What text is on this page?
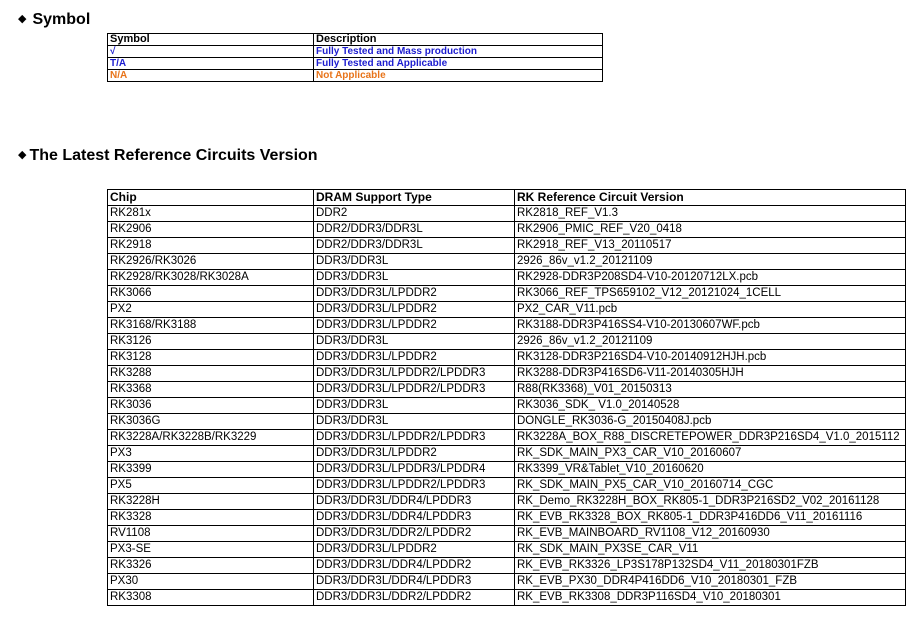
◆ Symbol
Symbol	Description
√	Fully Tested and Mass production
T/A	Fully Tested and Applicable
N/A	Not Applicable
◆ The Latest Reference Circuits Version
Chip	DRAM Support Type	RK Reference Circuit Version
RK281x	DDR2	RK2818_REF_V1.3
RK2906	DDR2/DDR3/DDR3L	RK2906_PMIC_REF_V20_0418
RK2918	DDR2/DDR3/DDR3L	RK2918_REF_V13_20110517
RK2926/RK3026	DDR3/DDR3L	2926_86v_v1.2_20121109
RK2928/RK3028/RK3028A	DDR3/DDR3L	RK2928-DDR3P208SD4-V10-20120712LX.pcb
RK3066	DDR3/DDR3L/LPDDR2	RK3066_REF_TPS659102_V12_20121024_1CELL
PX2	DDR3/DDR3L/LPDDR2	PX2_CAR_V11.pcb
RK3168/RK3188	DDR3/DDR3L/LPDDR2	RK3188-DDR3P416SS4-V10-20130607WF.pcb
RK3126	DDR3/DDR3L	2926_86v_v1.2_20121109
RK3128	DDR3/DDR3L/LPDDR2	RK3128-DDR3P216SD4-V10-20140912HJH.pcb
RK3288	DDR3/DDR3L/LPDDR2/LPDDR3	RK3288-DDR3P416SD6-V11-20140305HJH
RK3368	DDR3/DDR3L/LPDDR2/LPDDR3	R88(RK3368)_V01_20150313
RK3036	DDR3/DDR3L	RK3036_SDK_ V1.0_20140528
RK3036G	DDR3/DDR3L	DONGLE_RK3036-G_20150408J.pcb
RK3228A/RK3228B/RK3229	DDR3/DDR3L/LPDDR2/LPDDR3	RK3228A_BOX_R88_DISCRETEPOWER_DDR3P216SD4_V1.0_2015112
PX3	DDR3/DDR3L/LPDDR2	RK_SDK_MAIN_PX3_CAR_V10_20160607
RK3399	DDR3/DDR3L/LPDDR3/LPDDR4	RK3399_VR&Tablet_V10_20160620
PX5	DDR3/DDR3L/LPDDR2/LPDDR3	RK_SDK_MAIN_PX5_CAR_V10_20160714_CGC
RK3228H	DDR3/DDR3L/DDR4/LPDDR3	RK_Demo_RK3228H_BOX_RK805-1_DDR3P216SD2_V02_20161128
RK3328	DDR3/DDR3L/DDR4/LPDDR3	RK_EVB_RK3328_BOX_RK805-1_DDR3P416DD6_V11_20161116
RV1108	DDR3/DDR3L/DDR2/LPDDR2	RK_EVB_MAINBOARD_RV1108_V12_20160930
PX3-SE	DDR3/DDR3L/LPDDR2	RK_SDK_MAIN_PX3SE_CAR_V11
RK3326	DDR3/DDR3L/DDR4/LPDDR2	RK_EVB_RK3326_LP3S178P132SD4_V11_20180301FZB
PX30	DDR3/DDR3L/DDR4/LPDDR3	RK_EVB_PX30_DDR4P416DD6_V10_20180301_FZB
RK3308	DDR3/DDR3L/DDR2/LPDDR2	RK_EVB_RK3308_DDR3P116SD4_V10_20180301
